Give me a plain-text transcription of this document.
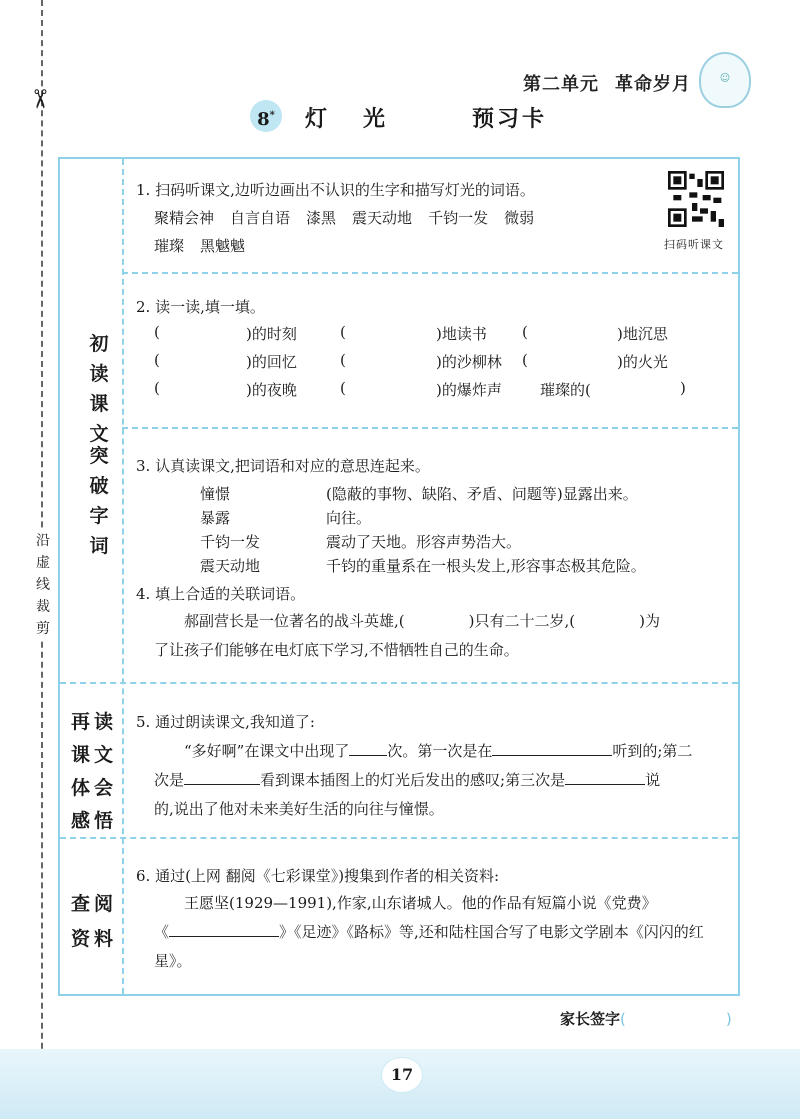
✂
沿虚线裁剪
第二单元 革命岁月	☺
8*	灯光 预习卡
初读课文
突破字词
再读
课文
体会
感悟
查阅
资料
1. 扫码听课文,边听边画出不认识的生字和描写灯光的词语。
聚精会神 自言自语 漆黑 震天动地 千钧一发 微弱
璀璨 黑魆魆	扫码听课文
2. 读一读,填一填。
(	)的时刻	(	)地读书 (	)地沉思
(	)的回忆	(	)的沙柳林 (	)的火光
(	)的夜晚	(	)的爆炸声	璀璨的(	)
3. 认真读课文,把词语和对应的意思连起来。
憧憬	(隐蔽的事物、缺陷、矛盾、问题等)显露出来。
暴露	向往。
千钧一发	震动了天地。形容声势浩大。
震天动地	千钧的重量系在一根头发上,形容事态极其危险。
4. 填上合适的关联词语。
郝副营长是一位著名的战斗英雄,(	)只有二十二岁,(	)为
了让孩子们能够在电灯底下学习,不惜牺牲自己的生命。
5. 通过朗读课文,我知道了:
“多好啊”在课文中出现了	次。第一次是在	听到的;第二
次是	看到课本插图上的灯光后发出的感叹;第三次是	说
的,说出了他对未来美好生活的向往与憧憬。
6. 通过(上网 翻阅《七彩课堂》)搜集到作者的相关资料:
王愿坚(1929—1991),作家,山东诸城人。他的作品有短篇小说《党费》
《	》《足迹》《路标》等,还和陆柱国合写了电影文学剧本《闪闪的红
星》。
家长签字(	)
17
